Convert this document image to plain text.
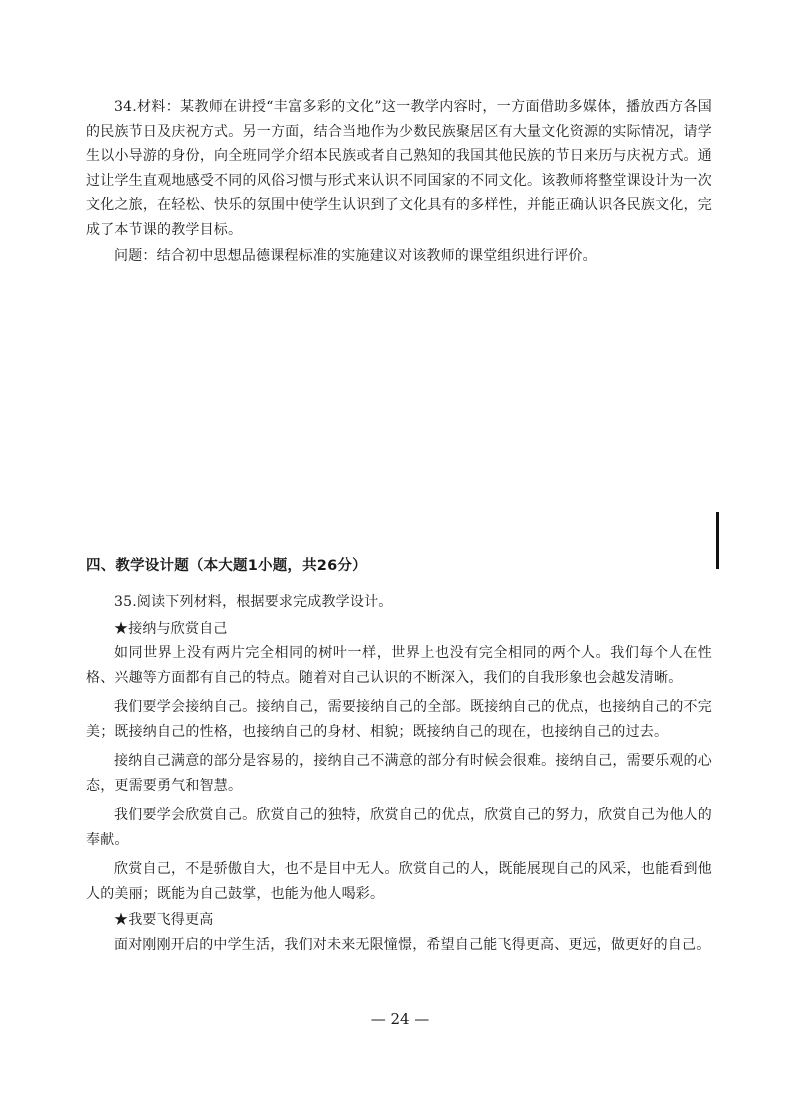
34.材料：某教师在讲授“丰富多彩的文化”这一教学内容时，一方面借助多媒体，播放西方各国的民族节日及庆祝方式。另一方面，结合当地作为少数民族聚居区有大量文化资源的实际情况，请学生以小导游的身份，向全班同学介绍本民族或者自己熟知的我国其他民族的节日来历与庆祝方式。通过让学生直观地感受不同的风俗习惯与形式来认识不同国家的不同文化。该教师将整堂课设计为一次文化之旅，在轻松、快乐的氛围中使学生认识到了文化具有的多样性，并能正确认识各民族文化，完成了本节课的教学目标。

问题：结合初中思想品德课程标准的实施建议对该教师的课堂组织进行评价。

四、教学设计题（本大题1小题，共26分）

35.阅读下列材料，根据要求完成教学设计。

★接纳与欣赏自己

如同世界上没有两片完全相同的树叶一样，世界上也没有完全相同的两个人。我们每个人在性格、兴趣等方面都有自己的特点。随着对自己认识的不断深入，我们的自我形象也会越发清晰。

我们要学会接纳自己。接纳自己，需要接纳自己的全部。既接纳自己的优点，也接纳自己的不完美；既接纳自己的性格，也接纳自己的身材、相貌；既接纳自己的现在，也接纳自己的过去。

接纳自己满意的部分是容易的，接纳自己不满意的部分有时候会很难。接纳自己，需要乐观的心态，更需要勇气和智慧。

我们要学会欣赏自己。欣赏自己的独特，欣赏自己的优点，欣赏自己的努力，欣赏自己为他人的奉献。

欣赏自己，不是骄傲自大，也不是目中无人。欣赏自己的人，既能展现自己的风采，也能看到他人的美丽；既能为自己鼓掌，也能为他人喝彩。

★我要飞得更高

面对刚刚开启的中学生活，我们对未来无限憧憬，希望自己能飞得更高、更远，做更好的自己。

— 24 —
